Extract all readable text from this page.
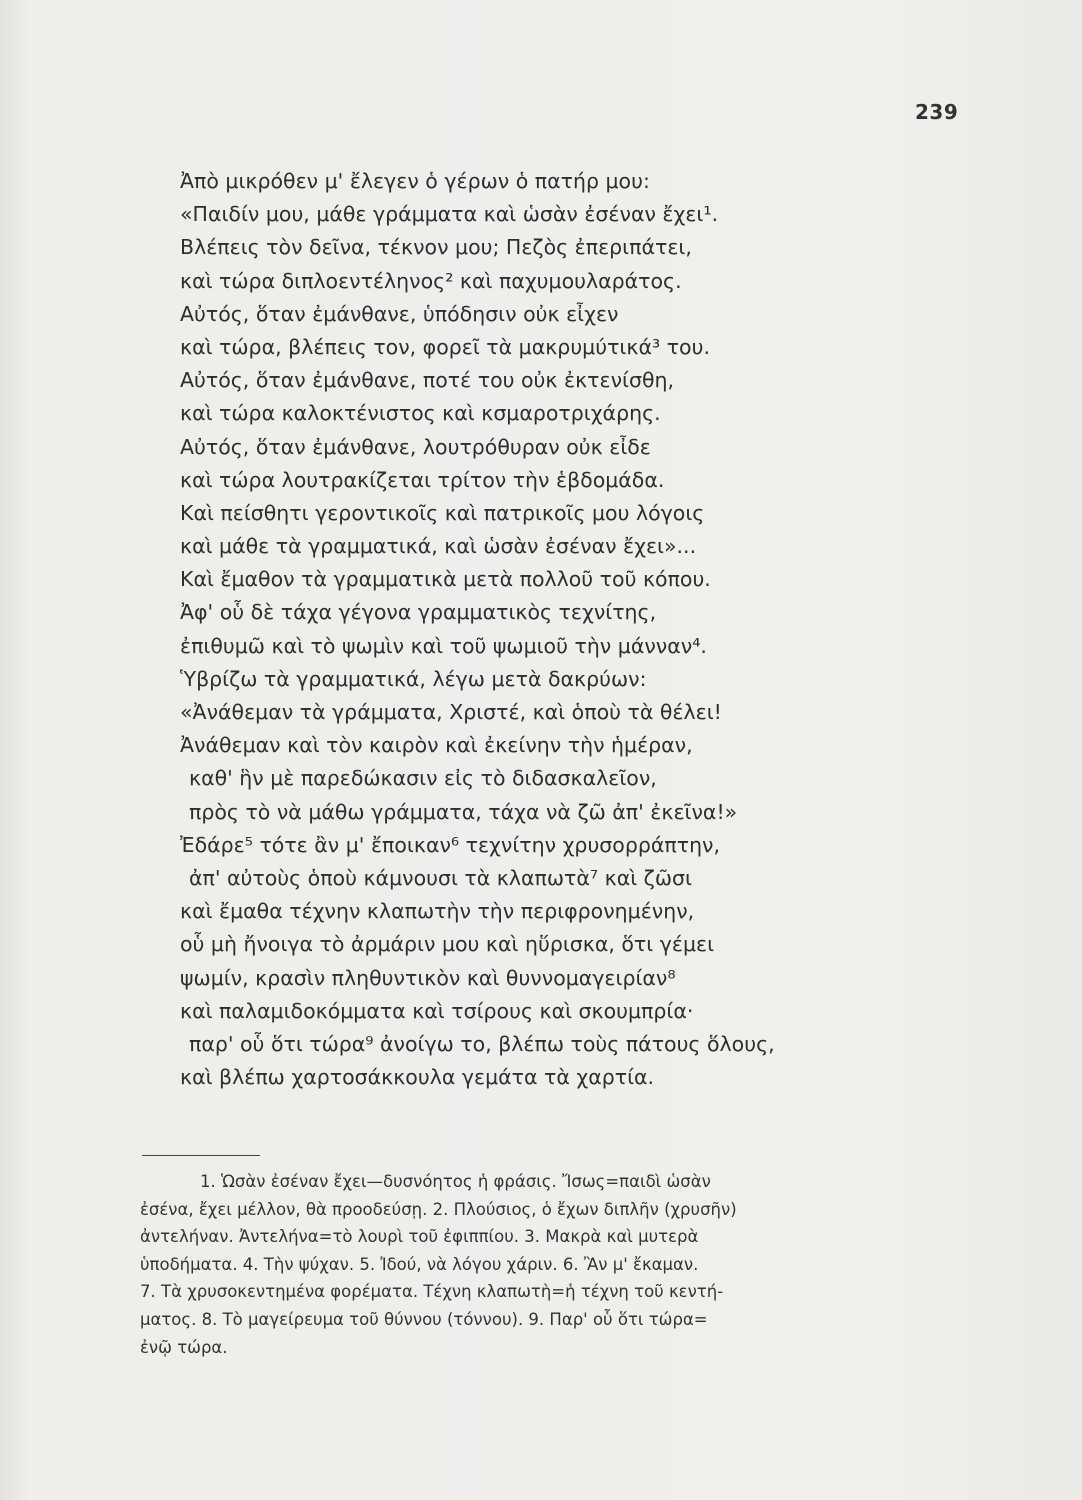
239
Ἀπὸ μικρόθεν μ' ἔλεγεν ὁ γέρων ὁ πατήρ μου:
«Παιδίν μου, μάθε γράμματα καὶ ὡσὰν ἐσέναν ἔχει¹.
Βλέπεις τὸν δεῖνα, τέκνον μου; Πεζὸς ἐπεριπάτει,
καὶ τώρα διπλοεντέληνος² καὶ παχυμουλαράτος.
Αὐτός, ὅταν ἐμάνθανε, ὑπόδησιν οὐκ εἶχεν
καὶ τώρα, βλέπεις τον, φορεῖ τὰ μακρυμύτικά³ του.
Αὐτός, ὅταν ἐμάνθανε, ποτέ του οὐκ ἐκτενίσθη,
καὶ τώρα καλοκτένιστος καὶ κσμαροτριχάρης.
Αὐτός, ὅταν ἐμάνθανε, λουτρόθυραν οὐκ εἶδε
καὶ τώρα λουτρακίζεται τρίτον τὴν ἑβδομάδα.
Καὶ πείσθητι γεροντικοῖς καὶ πατρικοῖς μου λόγοις
καὶ μάθε τὰ γραμματικά, καὶ ὡσὰν ἐσέναν ἔχει»...
Καὶ ἔμαθον τὰ γραμματικὰ μετὰ πολλοῦ τοῦ κόπου.
Ἀφ' οὗ δὲ τάχα γέγονα γραμματικὸς τεχνίτης,
ἐπιθυμῶ καὶ τὸ ψωμὶν καὶ τοῦ ψωμιοῦ τὴν μάνναν⁴.
Ὑβρίζω τὰ γραμματικά, λέγω μετὰ δακρύων:
«Ἀνάθεμαν τὰ γράμματα, Χριστέ, καὶ ὁποὺ τὰ θέλει!
Ἀνάθεμαν καὶ τὸν καιρὸν καὶ ἐκείνην τὴν ἡμέραν,
καθ' ἣν μὲ παρεδώκασιν εἰς τὸ διδασκαλεῖον,
πρὸς τὸ νὰ μάθω γράμματα, τάχα νὰ ζῶ ἀπ' ἐκεῖνα!»
Ἐδάρε⁵ τότε ἂν μ' ἔποικαν⁶ τεχνίτην χρυσορράπτην,
ἀπ' αὐτοὺς ὁποὺ κάμνουσι τὰ κλαπωτὰ⁷ καὶ ζῶσι
καὶ ἔμαθα τέχνην κλαπωτὴν τὴν περιφρονημένην,
οὗ μὴ ἤνοιγα τὸ ἀρμάριν μου καὶ ηὕρισκα, ὅτι γέμει
ψωμίν, κρασὶν πληθυντικὸν καὶ θυννομαγειρίαν⁸
καὶ παλαμιδοκόμματα καὶ τσίρους καὶ σκουμπρία·
παρ' οὗ ὅτι τώρα⁹ ἀνοίγω το, βλέπω τοὺς πάτους ὅλους,
καὶ βλέπω χαρτοσάκκουλα γεμάτα τὰ χαρτία.
1. Ὡσὰν ἐσέναν ἔχει—δυσνόητος ἡ φράσις. Ἴσως=παιδὶ ὡσὰν
ἐσένα, ἔχει μέλλον, θὰ προοδεύσῃ. 2. Πλούσιος, ὁ ἔχων διπλῆν (χρυσῆν)
ἀντελήναν. Ἀντελήνα=τὸ λουρὶ τοῦ ἐφιππίου. 3. Μακρὰ καὶ μυτερὰ
ὑποδήματα. 4. Τὴν ψύχαν. 5. Ἰδού, νὰ λόγου χάριν. 6. Ἂν μ' ἔκαμαν.
7. Τὰ χρυσοκεντημένα φορέματα. Τέχνη κλαπωτὴ=ἡ τέχνη τοῦ κεντή-
ματος. 8. Τὸ μαγείρευμα τοῦ θύννου (τόννου). 9. Παρ' οὗ ὅτι τώρα=
ἐνῷ τώρα.
